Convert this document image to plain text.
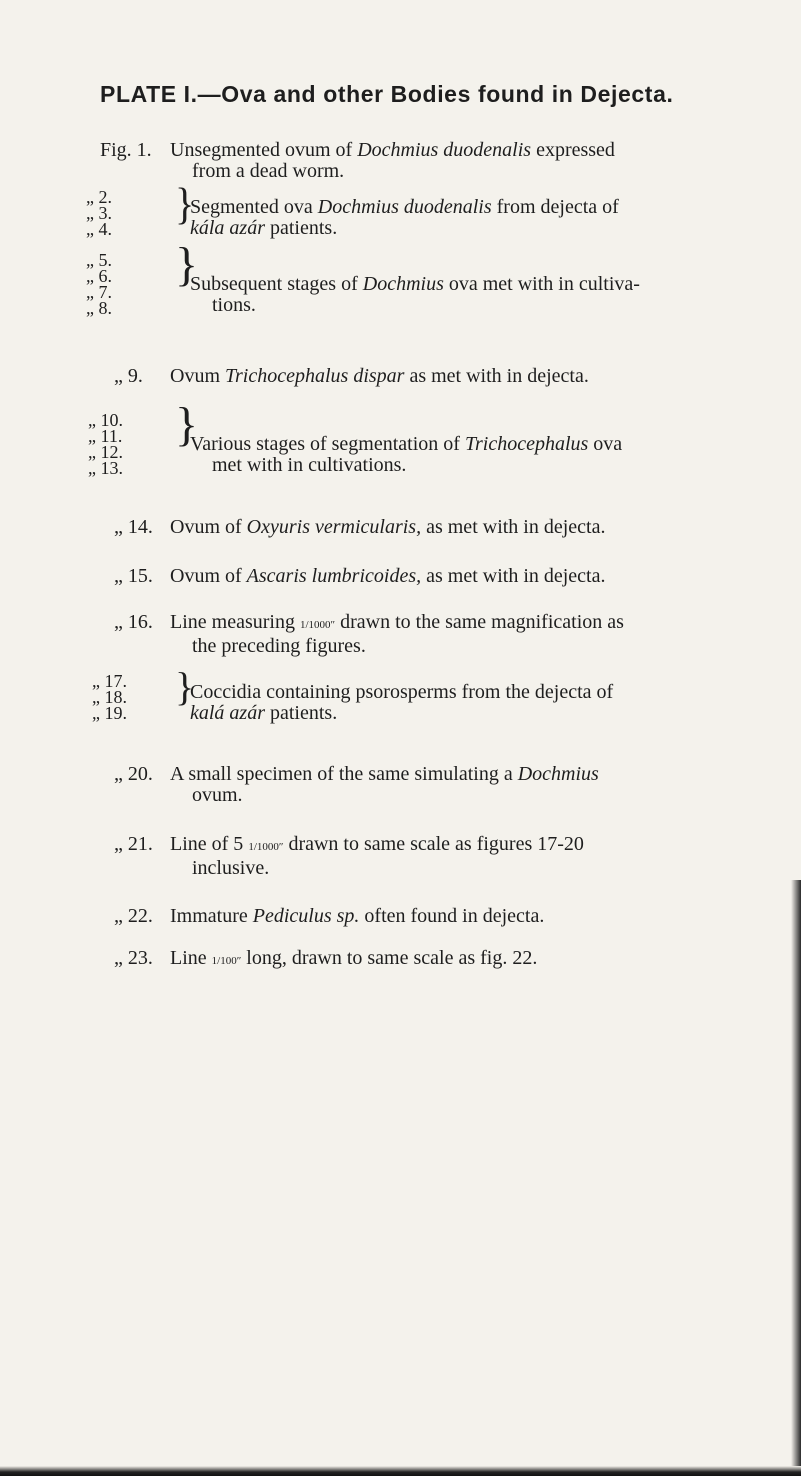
PLATE I.—Ova and other Bodies found in Dejecta.
Fig. 1. Unsegmented ovum of Dochmius duodenalis expressed
from a dead worm.
„ 2.
„ 3.
„ 4.
}
Segmented ova Dochmius duodenalis from dejecta of
kála azár patients.
„ 5.
„ 6.
„ 7.
„ 8.
}
Subsequent stages of Dochmius ova met with in cultiva-
tions.
„ 9. Ovum Trichocephalus dispar as met with in dejecta.
„ 10.
„ 11.
„ 12.
„ 13.
}
Various stages of segmentation of Trichocephalus ova
met with in cultivations.
„ 14. Ovum of Oxyuris vermicularis, as met with in dejecta.
„ 15. Ovum of Ascaris lumbricoides, as met with in dejecta.
„ 16. Line measuring 1/1000″ drawn to the same magnification as
the preceding figures.
„ 17.
„ 18.
„ 19.
}
Coccidia containing psorosperms from the dejecta of
kalá azár patients.
„ 20. A small specimen of the same simulating a Dochmius
ovum.
„ 21. Line of 5 1/1000″ drawn to same scale as figures 17-20
inclusive.
„ 22. Immature Pediculus sp. often found in dejecta.
„ 23. Line 1/100″ long, drawn to same scale as fig. 22.
